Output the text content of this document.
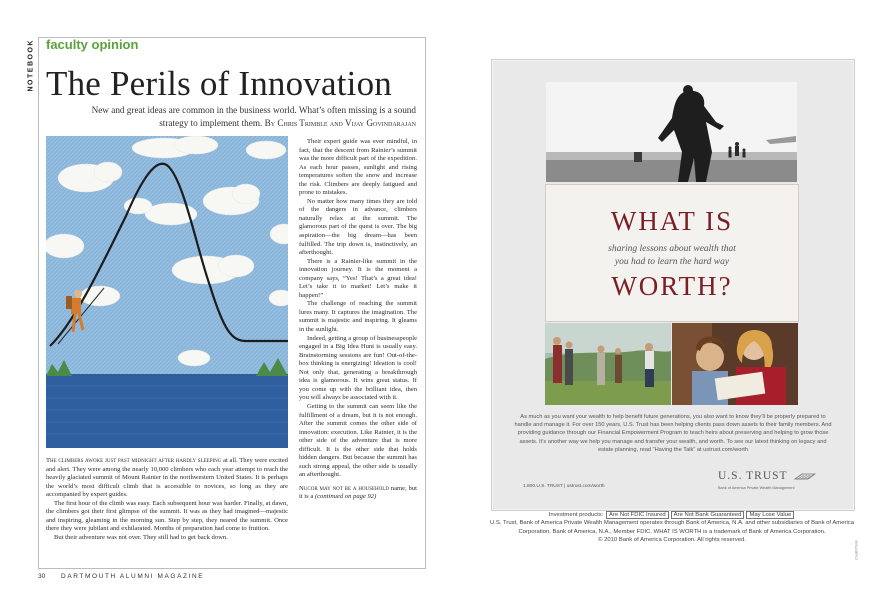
NOTEBOOK faculty opinion
The Perils of Innovation
New and great ideas are common in the business world. What’s often missing is a sound strategy to implement them. By Chris Trimble and Vijay Govindarajan

Their expert guide was ever mindful, in fact, that the descent from Rainier’s summit was the more difficult part of the expedition. As each hour passes, sunlight and rising temperatures soften the snow and increase the risk. Climbers are deeply fatigued and prone to mistakes.

No matter how many times they are told of the dangers in advance, climbers naturally relax at the summit. The glamorous part of the quest is over. The big aspiration—the big dream—has been fulfilled. The trip down is, instinctively, an afterthought.

There is a Rainier-like summit in the innovation journey. It is the moment a company says, “Yes! That’s a great idea! Let’s take it to market! Let’s make it happen!”

The challenge of reaching the summit lures many. It captures the imagination. The summit is majestic and inspiring. It gleams in the sunlight.

Indeed, getting a group of businesspeople engaged in a Big Idea Hunt is usually easy. Brainstorming sessions are fun! Out-of-the-box thinking is energizing! Ideation is cool! Not only that, generating a breakthrough idea is glamorous. It wins great status. If you come up with the brilliant idea, then you will always be associated with it.

Getting to the summit can seem like the fulfillment of a dream, but it is not enough. After the summit comes the other side of innovation: execution. Like Rainier, it is the other side of the adventure that is more difficult. It is the other side that holds hidden dangers. But because the summit has such strong appeal, the other side is usually an afterthought.

Nucor may not be a household name, but it is a (continued on page 92)

The climbers awoke just past midnight after hardly sleeping at all. They were excited and alert. They were among the nearly 10,000 climbers who each year attempt to reach the heavily glaciated summit of Mount Rainier in the northwestern United States. It is perhaps the world’s most difficult climb that is accessible to novices, so long as they are accompanied by expert guides.

The first hour of the climb was easy. Each subsequent hour was harder. Finally, at dawn, the climbers got their first glimpse of the summit. It was as they had imagined—majestic and inspiring, gleaming in the morning sun. Step by step, they neared the summit. Once there they were jubilant and exhilarated. Months of preparation had come to fruition.

But their adventure was not over. They still had to get back down.

30 DARTMOUTH ALUMNI MAGAZINE
WHAT IS
sharing lessons about wealth that
you had to learn the hard way
WORTH?
As much as you want your wealth to help benefit future generations, you also want to know they’ll be properly prepared to handle and manage it. For over 150 years, U.S. Trust has been helping clients pass down assets to their family members. And providing guidance through our Financial Empowerment Program to teach heirs about preserving and helping to grow those assets. It’s another way we help you manage and transfer your wealth, and worth. To see our latest thinking on legacy and estate planning, read “Having the Talk” at ustrust.com/worth
1.800.U.S. TRUST | ustrust.com/worth
U.S. TRUST
Bank of America Private Wealth Management
Credit Photo
Investment products: Are Not FDIC Insured Are Not Bank Guaranteed May Lose Value
U.S. Trust, Bank of America Private Wealth Management operates through Bank of America, N.A. and other subsidiaries of Bank of America Corporation. Bank of America, N.A., Member FDIC. WHAT IS WORTH is a trademark of Bank of America Corporation.
© 2010 Bank of America Corporation. All rights reserved.
